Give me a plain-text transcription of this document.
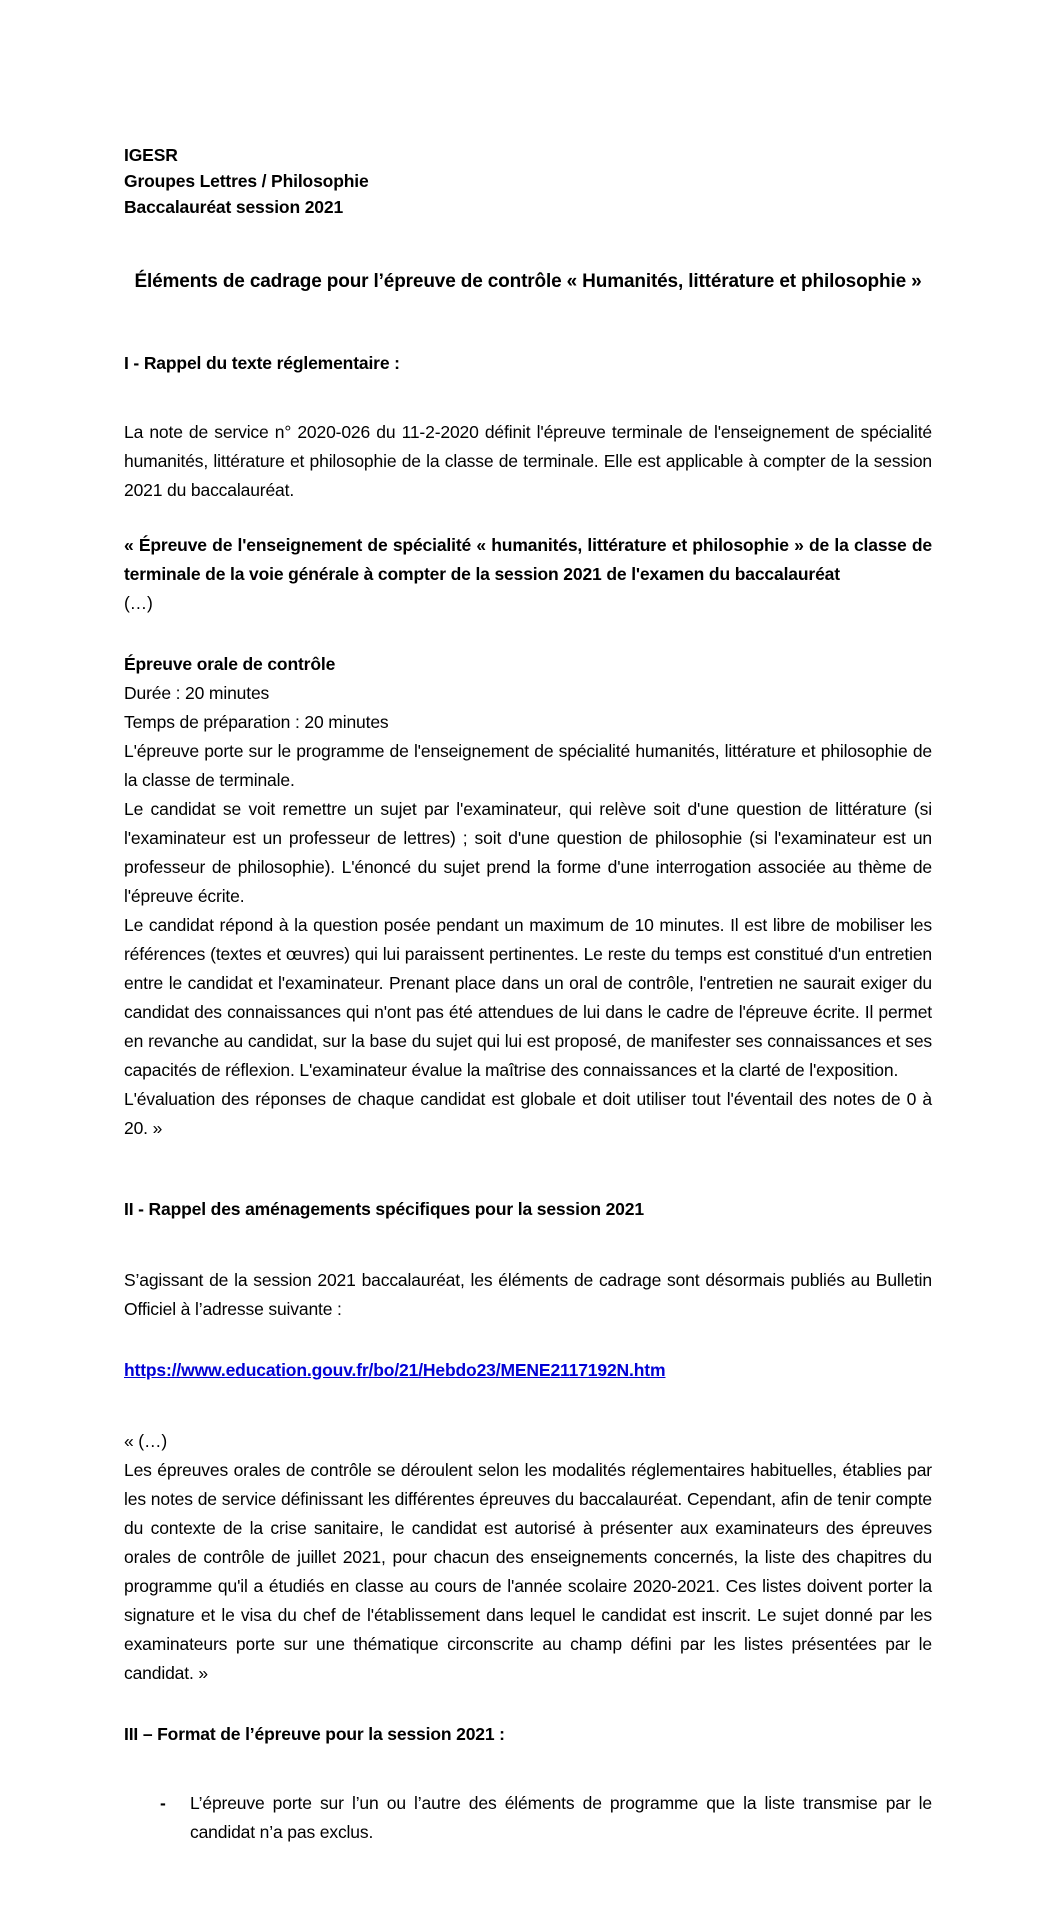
IGESR

Groupes Lettres / Philosophie

Baccalauréat session 2021

Éléments de cadrage pour l’épreuve de contrôle « Humanités, littérature et philosophie »
I - Rappel du texte réglementaire :

La note de service n° 2020-026 du 11-2-2020 définit l'épreuve terminale de l'enseignement de spécialité humanités, littérature et philosophie de la classe de terminale. Elle est applicable à compter de la session 2021 du baccalauréat.

« Épreuve de l'enseignement de spécialité « humanités, littérature et philosophie » de la classe de terminale de la voie générale à compter de la session 2021 de l'examen du baccalauréat

(…)

Épreuve orale de contrôle

Durée : 20 minutes

Temps de préparation : 20 minutes

L'épreuve porte sur le programme de l'enseignement de spécialité humanités, littérature et philosophie de la classe de terminale.

Le candidat se voit remettre un sujet par l'examinateur, qui relève soit d'une question de littérature (si l'examinateur est un professeur de lettres) ; soit d'une question de philosophie (si l'examinateur est un professeur de philosophie). L'énoncé du sujet prend la forme d'une interrogation associée au thème de l'épreuve écrite.

Le candidat répond à la question posée pendant un maximum de 10 minutes. Il est libre de mobiliser les références (textes et œuvres) qui lui paraissent pertinentes. Le reste du temps est constitué d'un entretien entre le candidat et l'examinateur. Prenant place dans un oral de contrôle, l'entretien ne saurait exiger du candidat des connaissances qui n'ont pas été attendues de lui dans le cadre de l'épreuve écrite. Il permet en revanche au candidat, sur la base du sujet qui lui est proposé, de manifester ses connaissances et ses capacités de réflexion. L'examinateur évalue la maîtrise des connaissances et la clarté de l'exposition.

L'évaluation des réponses de chaque candidat est globale et doit utiliser tout l'éventail des notes de 0 à 20. »

II - Rappel des aménagements spécifiques pour la session 2021

S’agissant de la session 2021 baccalauréat, les éléments de cadrage sont désormais publiés au Bulletin Officiel à l’adresse suivante :

https://www.education.gouv.fr/bo/21/Hebdo23/MENE2117192N.htm

« (…)

Les épreuves orales de contrôle se déroulent selon les modalités réglementaires habituelles, établies par les notes de service définissant les différentes épreuves du baccalauréat. Cependant, afin de tenir compte du contexte de la crise sanitaire, le candidat est autorisé à présenter aux examinateurs des épreuves orales de contrôle de juillet 2021, pour chacun des enseignements concernés, la liste des chapitres du programme qu'il a étudiés en classe au cours de l'année scolaire 2020-2021. Ces listes doivent porter la signature et le visa du chef de l'établissement dans lequel le candidat est inscrit. Le sujet donné par les examinateurs porte sur une thématique circonscrite au champ défini par les listes présentées par le candidat. »

III – Format de l’épreuve pour la session 2021 :
-	L’épreuve porte sur l’un ou l’autre des éléments de programme que la liste transmise par le candidat n’a pas exclus.
